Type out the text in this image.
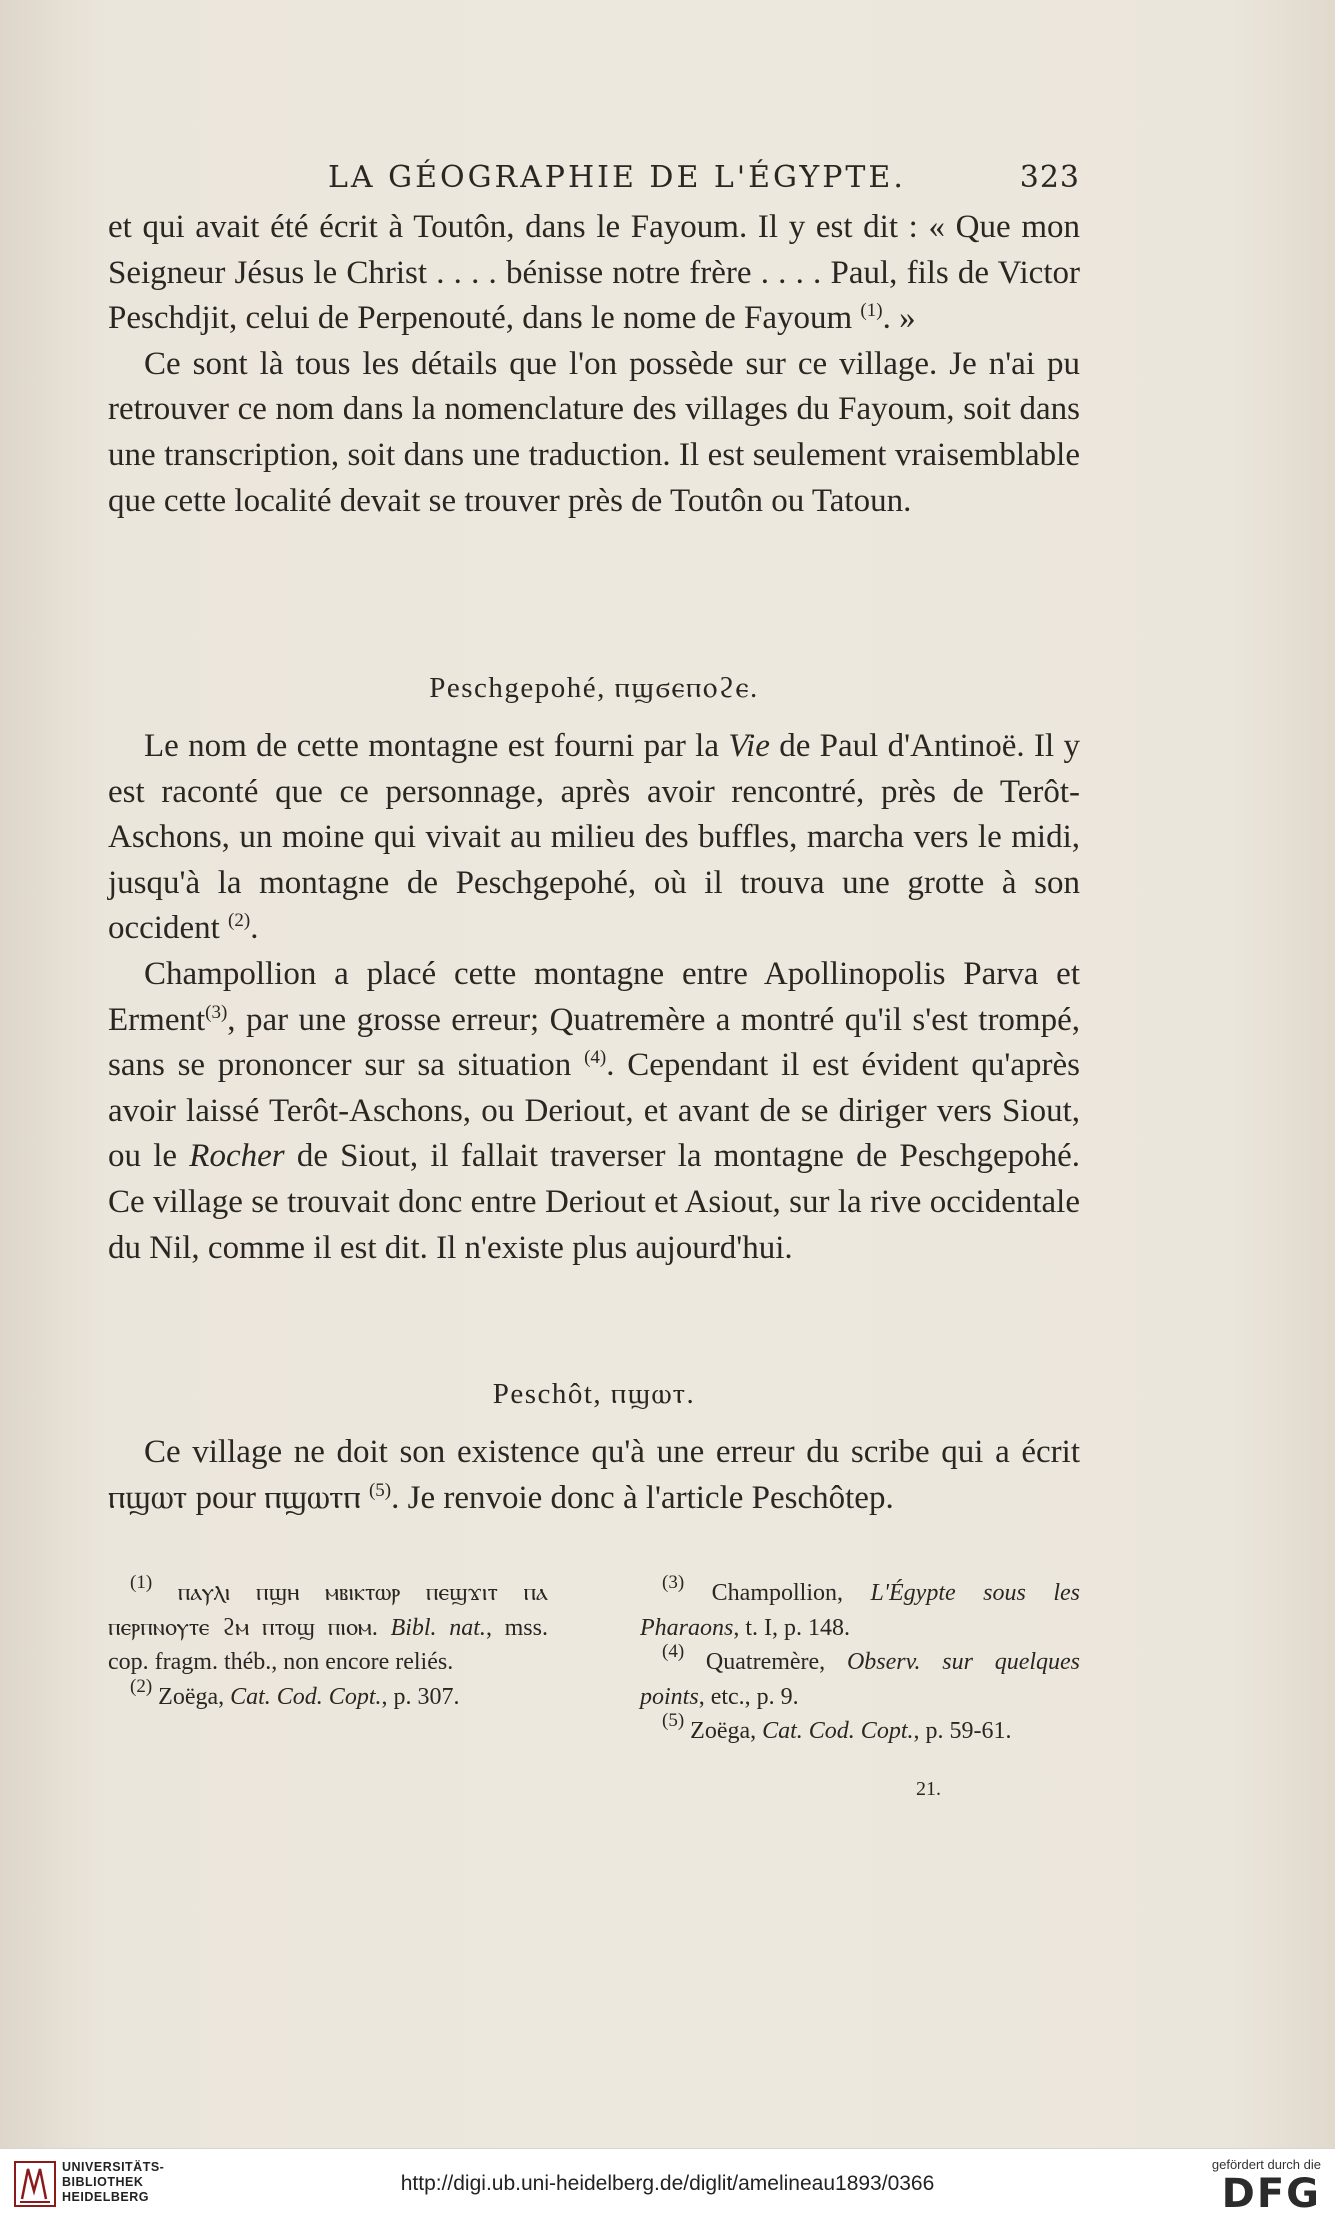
LA GÉOGRAPHIE DE L'ÉGYPTE.	323

et qui avait été écrit à Toutôn, dans le Fayoum. Il y est dit : « Que mon Seigneur Jésus le Christ . . . . bénisse notre frère . . . . Paul, fils de Victor Peschdjit, celui de Perpenouté, dans le nome de Fayoum $^{(1)}$. »

Ce sont là tous les détails que l'on possède sur ce village. Je n'ai pu retrouver ce nom dans la nomenclature des villages du Fayoum, soit dans une transcription, soit dans une traduction. Il est seulement vraisemblable que cette localité devait se trouver près de Toutôn ou Tatoun.

Peschgepohé, ⲡϣϭⲉⲡⲟϩⲉ.

Le nom de cette montagne est fourni par la Vie de Paul d'Antinoë. Il y est raconté que ce personnage, après avoir rencontré, près de Terôt-Aschons, un moine qui vivait au milieu des buffles, marcha vers le midi, jusqu'à la montagne de Peschgepohé, où il trouva une grotte à son occident $^{(2)}$.

Champollion a placé cette montagne entre Apollinopolis Parva et Erment$^{(3)}$, par une grosse erreur; Quatremère a montré qu'il s'est trompé, sans se prononcer sur sa situation $^{(4)}$. Cependant il est évident qu'après avoir laissé Terôt-Aschons, ou Deriout, et avant de se diriger vers Siout, ou le Rocher de Siout, il fallait traverser la montagne de Peschgepohé. Ce village se trouvait donc entre Deriout et Asiout, sur la rive occidentale du Nil, comme il est dit. Il n'existe plus aujourd'hui.

Peschôt, ⲡϣⲱⲧ.

Ce village ne doit son existence qu'à une erreur du scribe qui a écrit ⲡϣⲱⲧ pour ⲡϣⲱⲧⲡ $^{(5)}$. Je renvoie donc à l'article Peschôtep.

$^{(1)}$ ⲡⲁⲩⲗⲓ ⲡϣⲏ ⲙⲃⲓⲕⲧⲱⲣ ⲡⲉϣϫⲓⲧ ⲡⲁ ⲡⲉⲣⲡⲛⲟⲩⲧⲉ ϩⲙ ⲡⲧⲟϣ ⲡⲓⲟⲙ. Bibl. nat., mss. cop. fragm. théb., non encore reliés.

$^{(2)}$ Zoëga, Cat. Cod. Copt., p. 307.

$^{(3)}$ Champollion, L'Égypte sous les Pharaons, t. I, p. 148.

$^{(4)}$ Quatremère, Observ. sur quelques points, etc., p. 9.

$^{(5)}$ Zoëga, Cat. Cod. Copt., p. 59-61.

21.
UNIVERSITÄTS-
BIBLIOTHEK
HEIDELBERG
http://digi.ub.uni-heidelberg.de/diglit/amelineau1893/0366
gefördert durch die
DFG
